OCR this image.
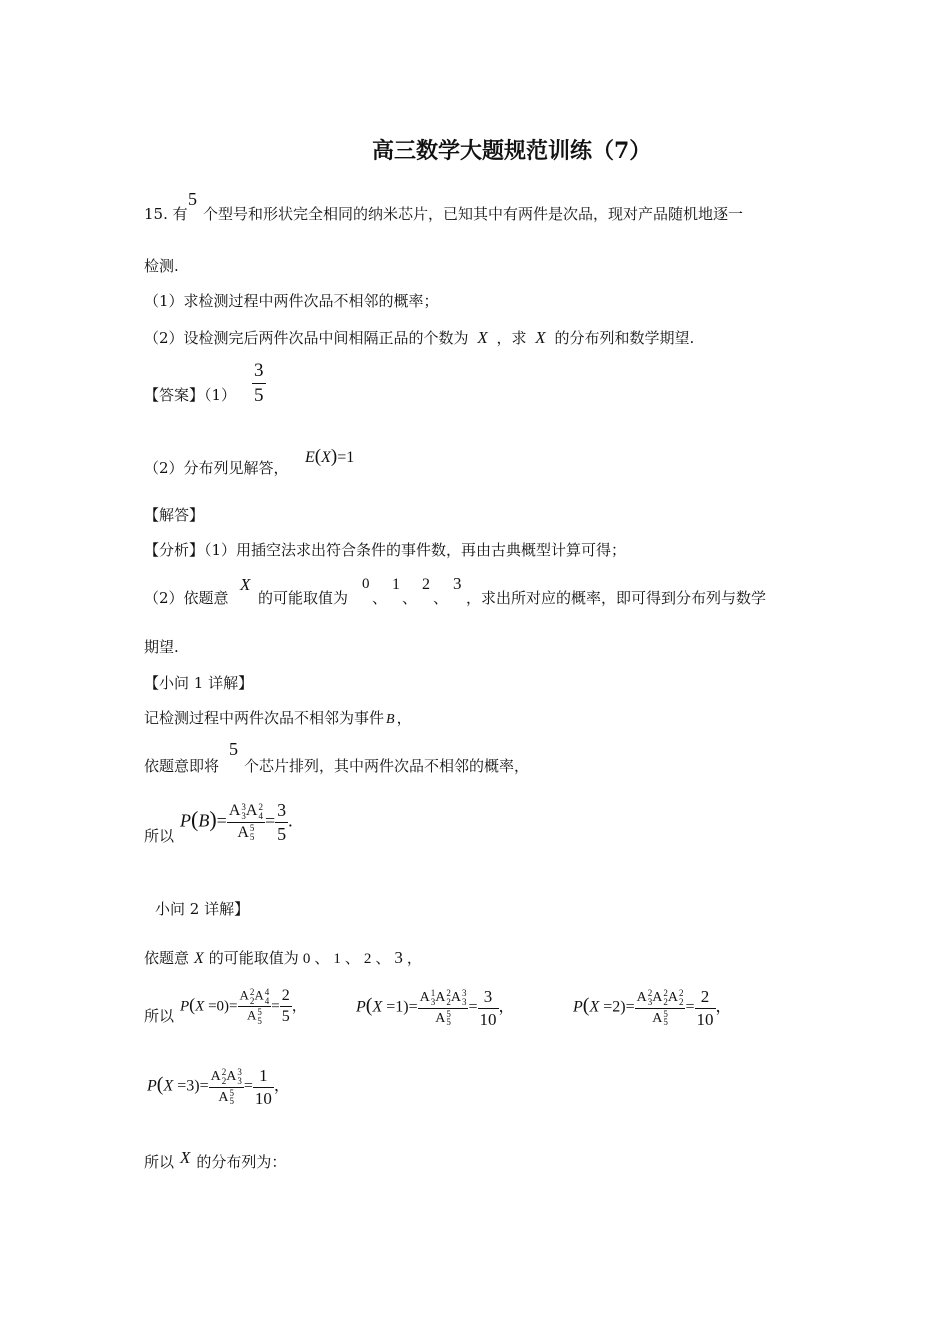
高三数学大题规范训练（7）
15. 有
5
个型号和形状完全相同的纳米芯片，已知其中有两件是次品，现对产品随机地逐一
检测.
（1）求检测过程中两件次品不相邻的概率；
（2）设检测完后两件次品中间相隔正品的个数为 X ，求 X 的分布列和数学期望.
【答案】$(1) \frac{3}{5}$
（2）分布列见解答，
E(X)=1
【解答】
【分析】（1）用插空法求出符合条件的事件数，再由古典概型计算可得；
（2）依题意
X
的可能取值为
0
、
1
、
2
、
3
，求出所对应的概率，即可得到分布列与数学
期望.
【小问 1 详解】
记检测过程中两件次品不相邻为事件 B ，
依题意即将
5
个芯片排列，其中两件次品不相邻的概率，
所以
P(B)= A 3
3 A 2
4
A 5
$5 = \frac{3}{5}$ .
小问 2 详解】
依题意 X 的可能取值为 0 、 1 、 2 、 3 ，
所以
P(X =0)= A 2
2 A 4
4
A 5
$5 = \frac{2}{5}$ ，	P(X =1)= A 1
3 A 2
2 A 3
3
A 5
$5 = \frac{3}{10}$ ，	P(X =2)= A 2
3 A 2
2 A 2
2
A 5
$5 = \frac{2}{10}$ ，
P(X =3)= A 2
2 A 3
3
A 5
$5 = \frac{1}{10}$ ，
所以 X 的分布列为：
